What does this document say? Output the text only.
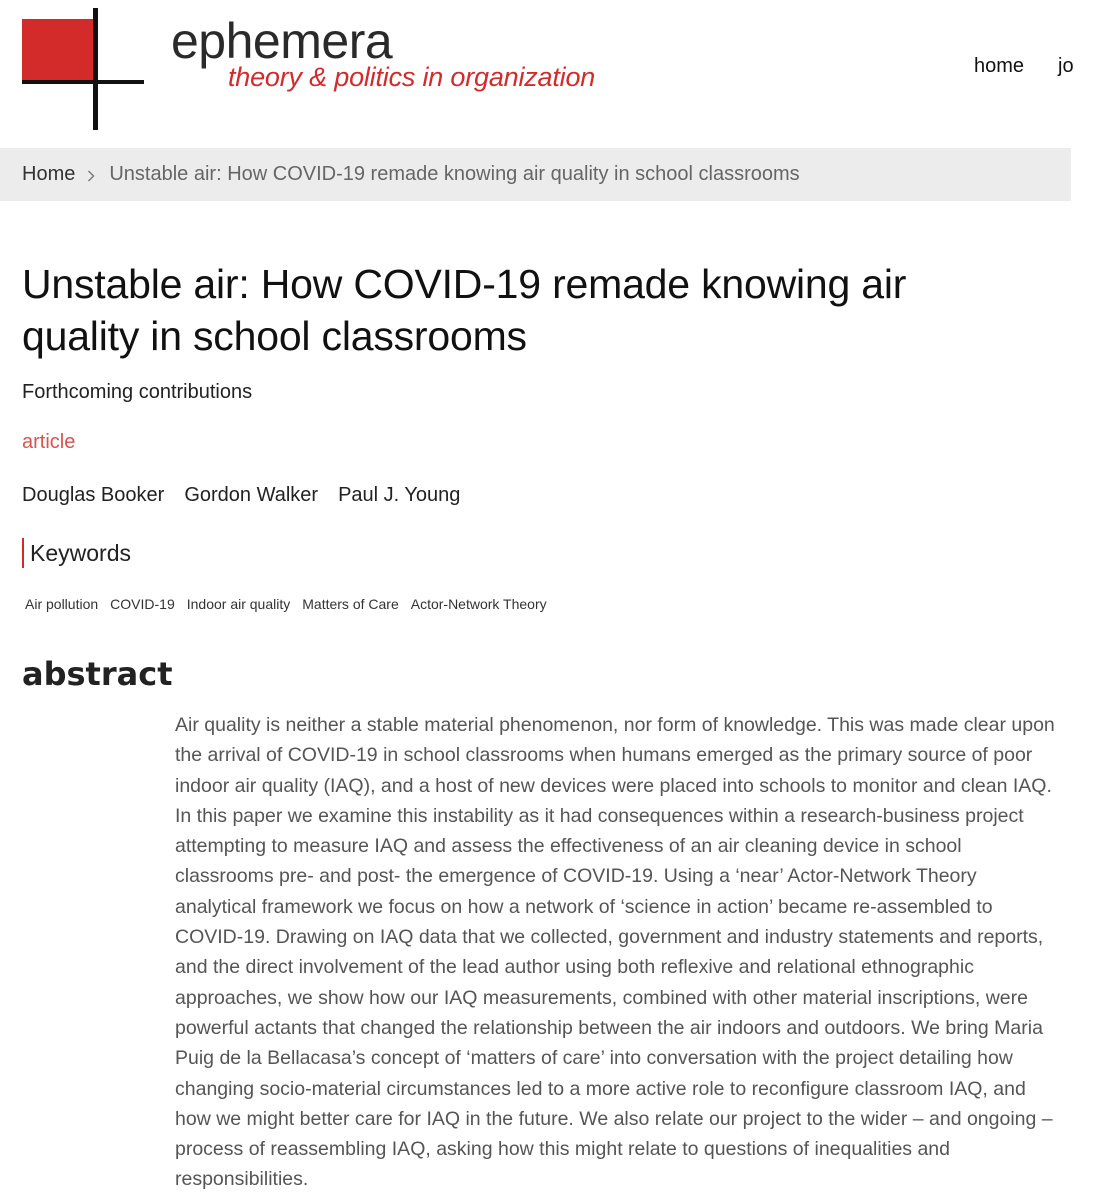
ephemera
theory & politics in organization	home jo
Home Unstable air: How COVID-19 remade knowing air quality in school classrooms
Unstable air: How COVID-19 remade knowing air quality in school classrooms
Forthcoming contributions
article
Douglas Booker Gordon Walker Paul J. Young
Keywords
Air pollution COVID-19 Indoor air quality Matters of Care Actor-Network Theory
abstract

Air quality is neither a stable material phenomenon, nor form of knowledge. This was made clear upon the arrival of COVID-19 in school classrooms when humans emerged as the primary source of poor indoor air quality (IAQ), and a host of new devices were placed into schools to monitor and clean IAQ. In this paper we examine this instability as it had consequences within a research-business project attempting to measure IAQ and assess the effectiveness of an air cleaning device in school classrooms pre- and post- the emergence of COVID-19. Using a ‘near’ Actor-Network Theory analytical framework we focus on how a network of ‘science in action’ became re-assembled to COVID-19. Drawing on IAQ data that we collected, government and industry statements and reports, and the direct involvement of the lead author using both reflexive and relational ethnographic approaches, we show how our IAQ measurements, combined with other material inscriptions, were powerful actants that changed the relationship between the air indoors and outdoors. We bring Maria Puig de la Bellacasa’s concept of ‘matters of care’ into conversation with the project detailing how changing socio-material circumstances led to a more active role to reconfigure classroom IAQ, and how we might better care for IAQ in the future. We also relate our project to the wider – and ongoing – process of reassembling IAQ, asking how this might relate to questions of inequalities and responsibilities.
